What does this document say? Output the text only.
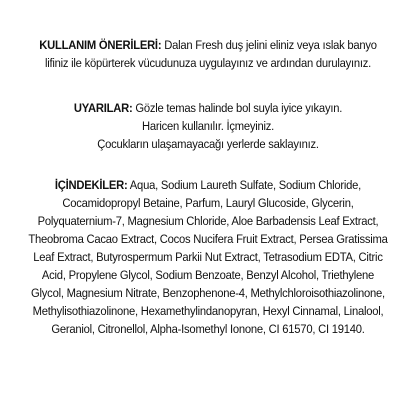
KULLANIM ÖNERİLERİ: Dalan Fresh duş jelini eliniz veya ıslak banyo
lifiniz ile köpürterek vücudunuza uygulayınız ve ardından durulayınız.
UYARILAR: Gözle temas halinde bol suyla iyice yıkayın.
Haricen kullanılır. İçmeyiniz.
Çocukların ulaşamayacağı yerlerde saklayınız.
İÇİNDEKİLER: Aqua, Sodium Laureth Sulfate, Sodium Chloride,
Cocamidopropyl Betaine, Parfum, Lauryl Glucoside, Glycerin,
Polyquaternium-7, Magnesium Chloride, Aloe Barbadensis Leaf Extract,
Theobroma Cacao Extract, Cocos Nucifera Fruit Extract, Persea Gratissima
Leaf Extract, Butyrospermum Parkii Nut Extract, Tetrasodium EDTA, Citric
Acid, Propylene Glycol, Sodium Benzoate, Benzyl Alcohol, Triethylene
Glycol, Magnesium Nitrate, Benzophenone-4, Methylchloroisothiazolinone,
Methylisothiazolinone, Hexamethylindanopyran, Hexyl Cinnamal, Linalool,
Geraniol, Citronellol, Alpha-Isomethyl Ionone, CI 61570, CI 19140.
